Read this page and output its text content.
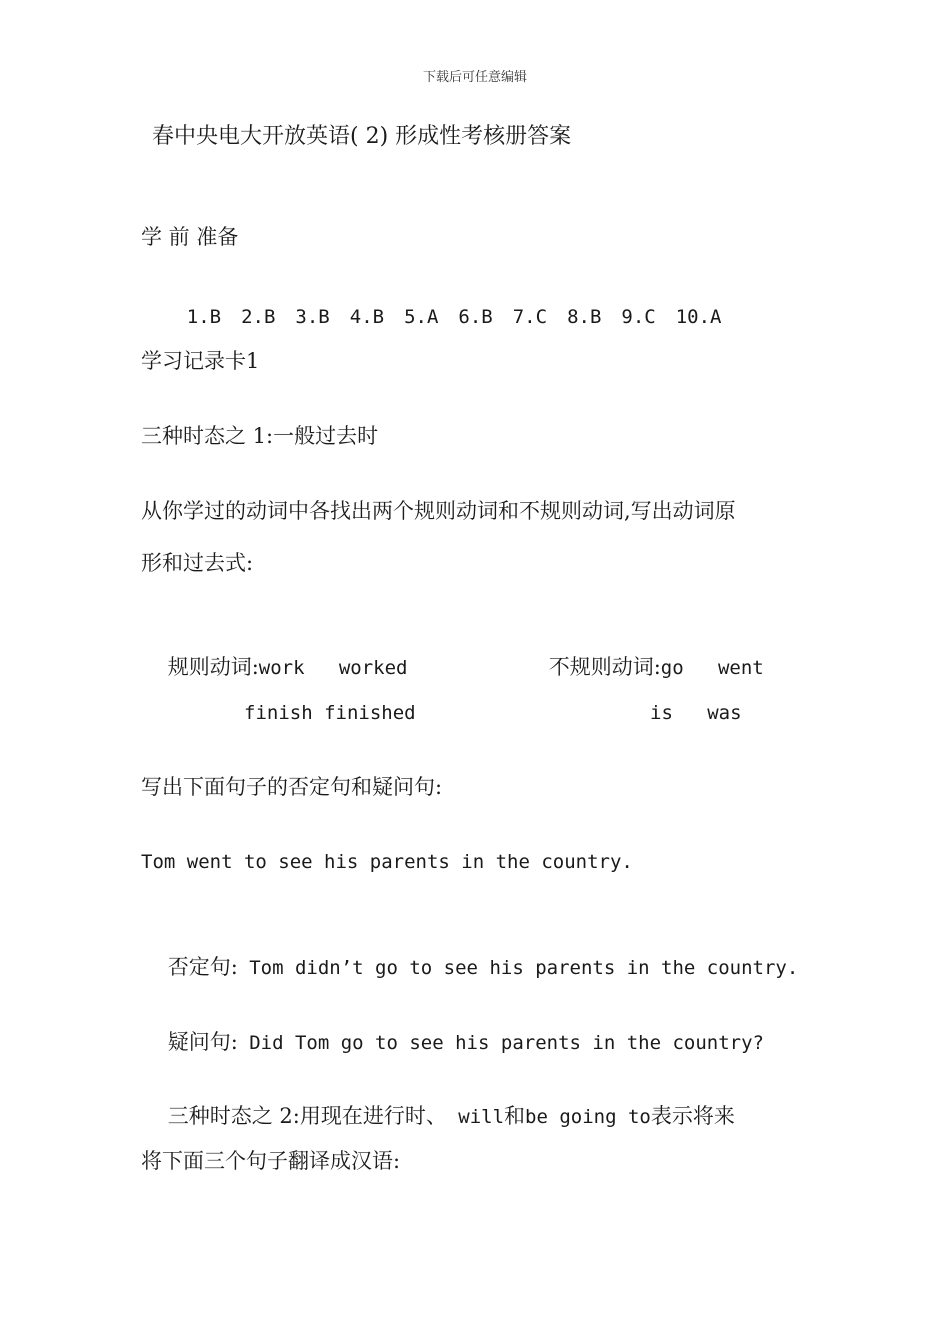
下载后可任意编辑
春中央电大开放英语( 2) 形成性考核册答案
学 前 准备

1.B 2.B 3.B 4.B 5.A 6.B 7.C 8.B 9.C 10.A

学习记录卡1
三种时态之 1:一般过去时
从你学过的动词中各找出两个规则动词和不规则动词,写出动词原
形和过去式:

规则动词:work   worked
	不规则动词:go   went

finish finished	is   was
写出下面句子的否定句和疑问句:
Tom went to see his parents in the country.

否定句: Tom didn’t go to see his parents in the country.

疑问句: Did Tom go to see his parents in the country?

三种时态之 2:用现在进行时、 will和be going to表示将来

将下面三个句子翻译成汉语:
